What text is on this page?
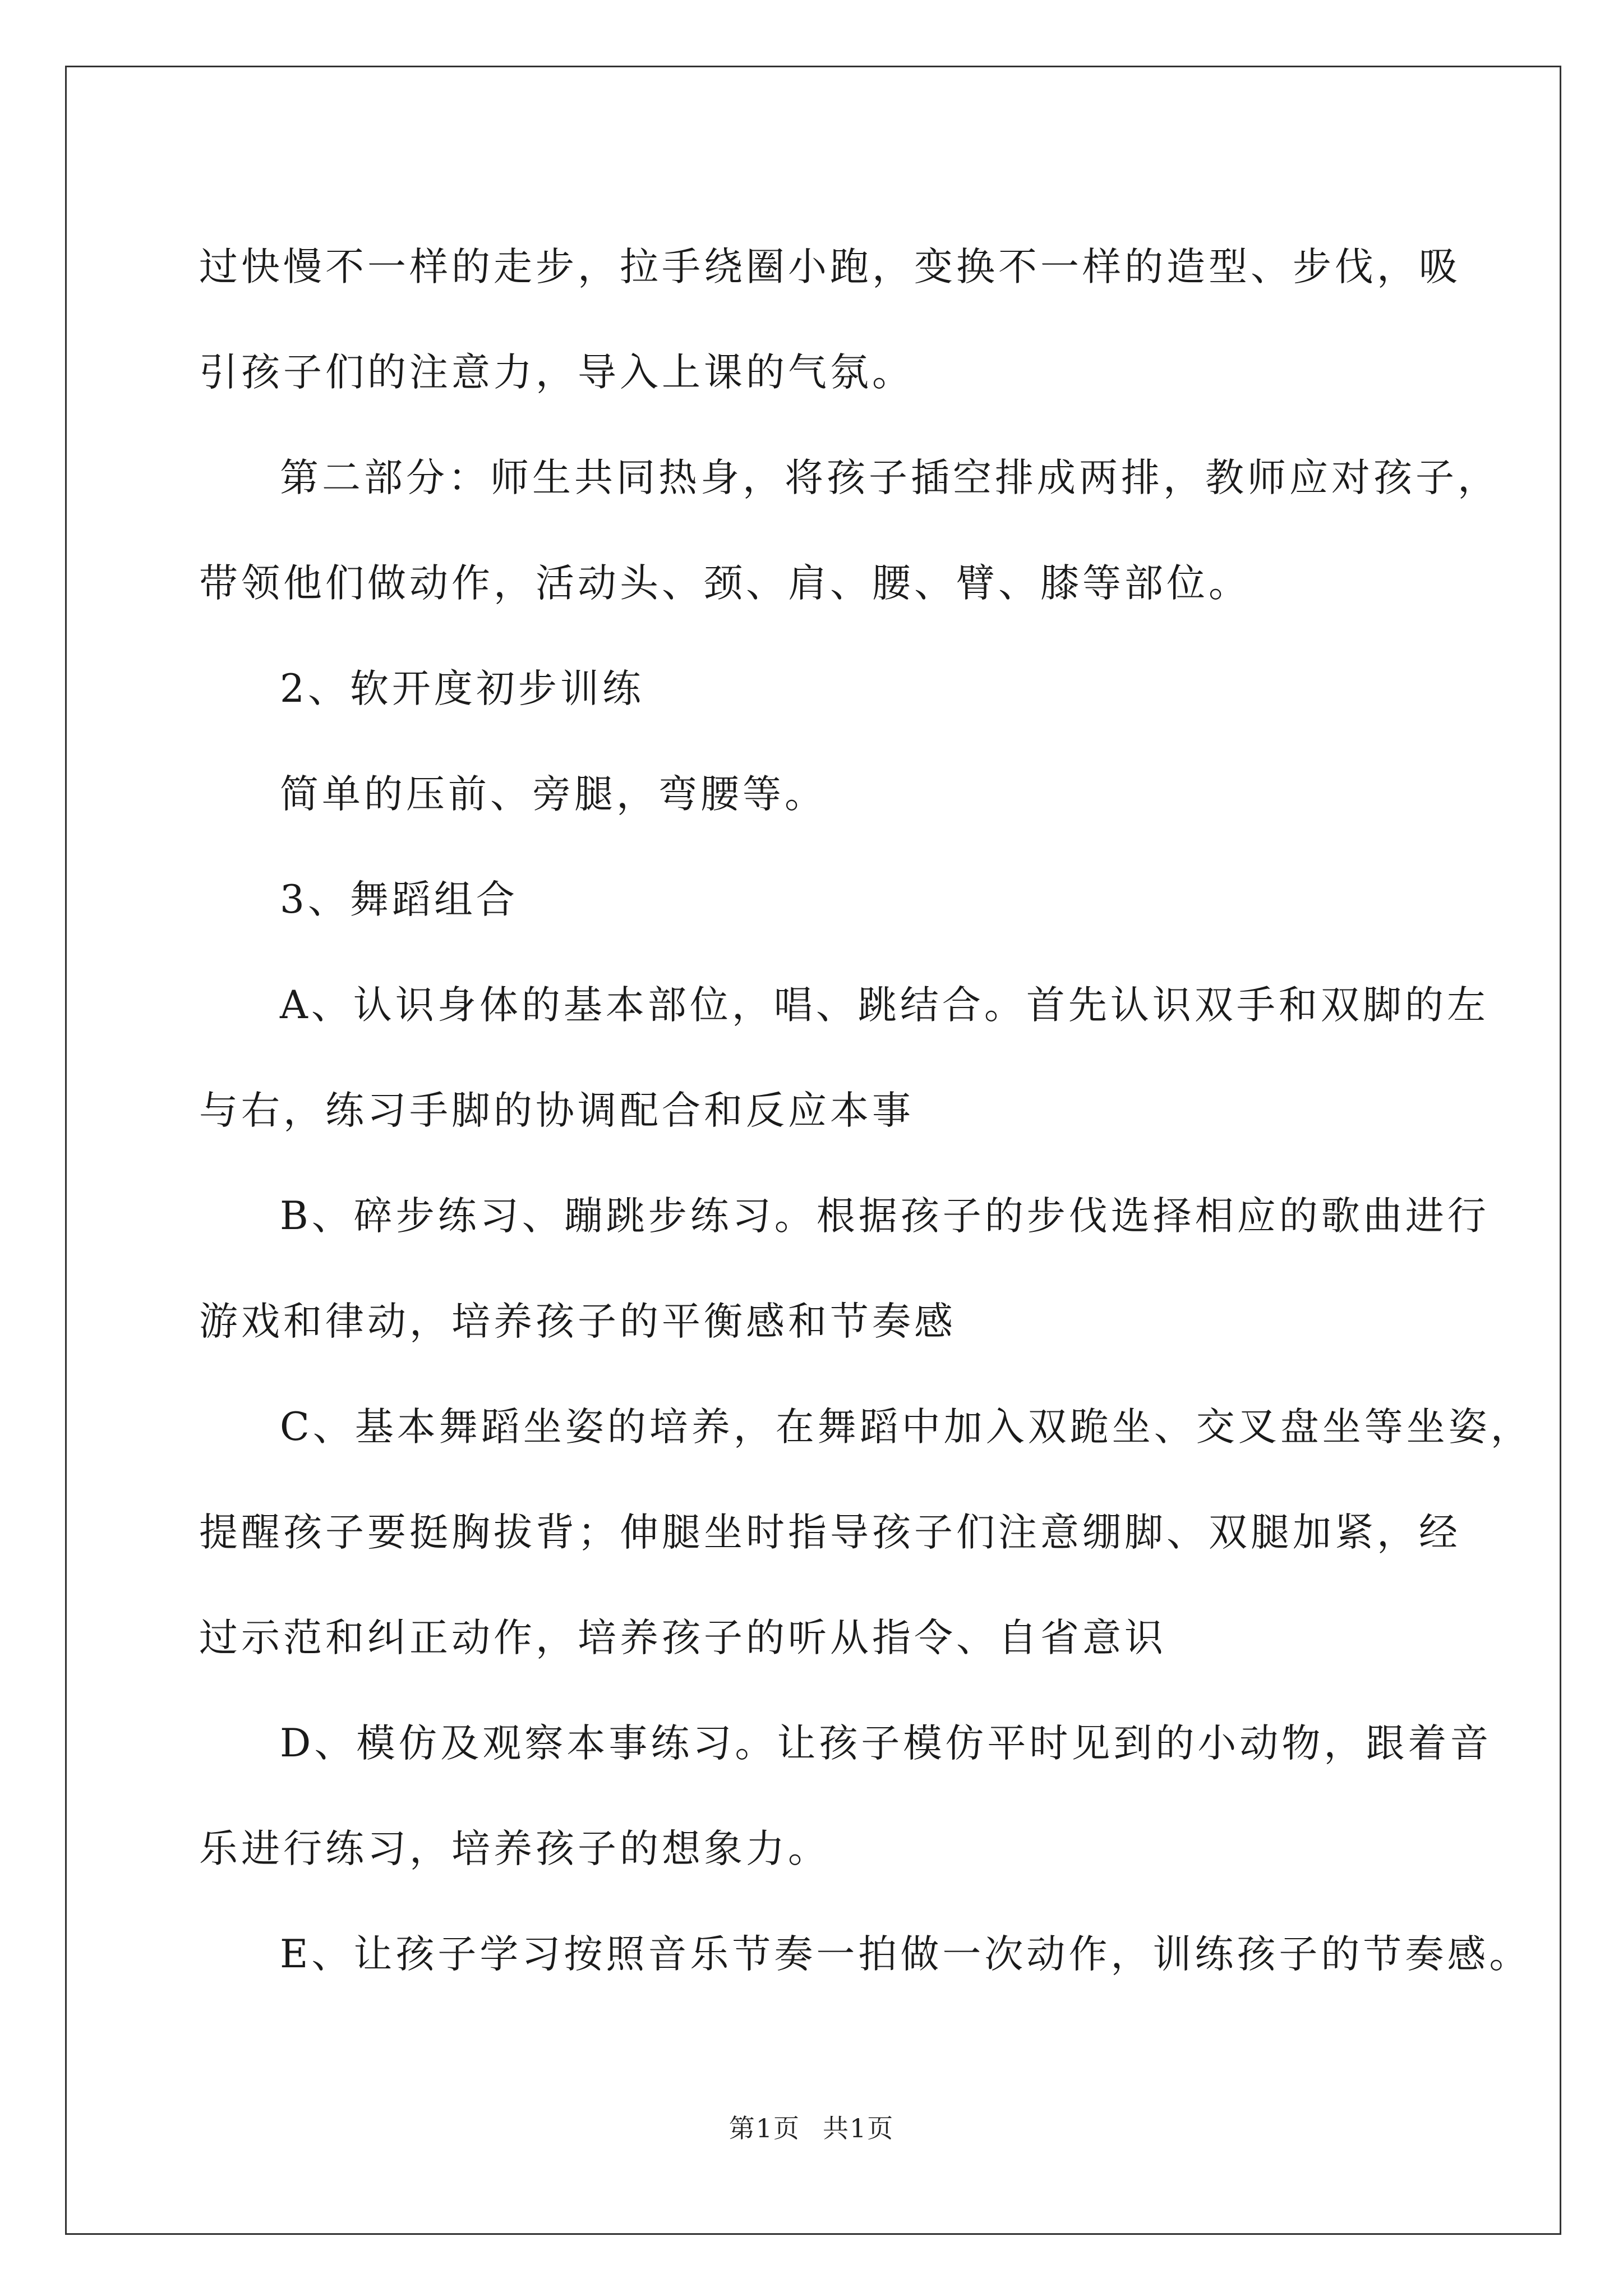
过快慢不一样的走步，拉手绕圈小跑，变换不一样的造型、步伐，吸
引孩子们的注意力，导入上课的气氛。

第二部分：师生共同热身，将孩子插空排成两排，教师应对孩子，
带领他们做动作，活动头、颈、肩、腰、臂、膝等部位。

2、软开度初步训练

简单的压前、旁腿，弯腰等。

3、舞蹈组合

A、认识身体的基本部位，唱、跳结合。首先认识双手和双脚的左
与右，练习手脚的协调配合和反应本事

B、碎步练习、蹦跳步练习。根据孩子的步伐选择相应的歌曲进行
游戏和律动，培养孩子的平衡感和节奏感

C、基本舞蹈坐姿的培养，在舞蹈中加入双跪坐、交叉盘坐等坐姿，
提醒孩子要挺胸拔背；伸腿坐时指导孩子们注意绷脚、双腿加紧，经
过示范和纠正动作，培养孩子的听从指令、自省意识

D、模仿及观察本事练习。让孩子模仿平时见到的小动物，跟着音
乐进行练习，培养孩子的想象力。

E、让孩子学习按照音乐节奏一拍做一次动作，训练孩子的节奏感。

第1页 共1页
